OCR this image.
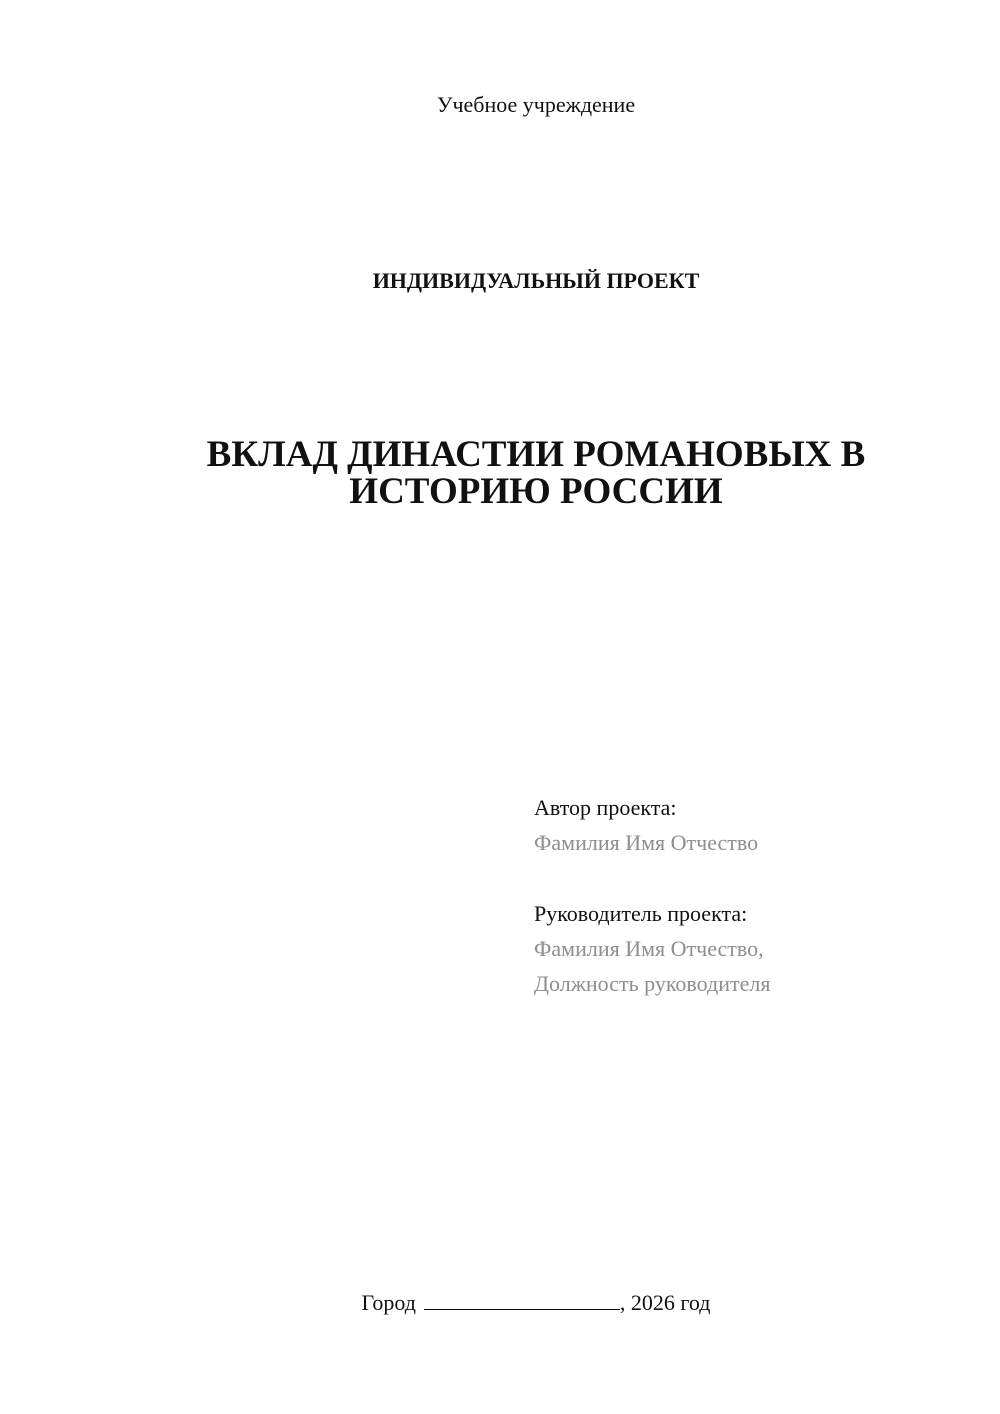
Учебное учреждение
ИНДИВИДУАЛЬНЫЙ ПРОЕКТ
ВКЛАД ДИНАСТИИ РОМАНОВЫХ В
ИСТОРИЮ РОССИИ
Автор проекта:
Фамилия Имя Отчество
Руководитель проекта:
Фамилия Имя Отчество,
Должность руководителя
Город	, 2026 год
